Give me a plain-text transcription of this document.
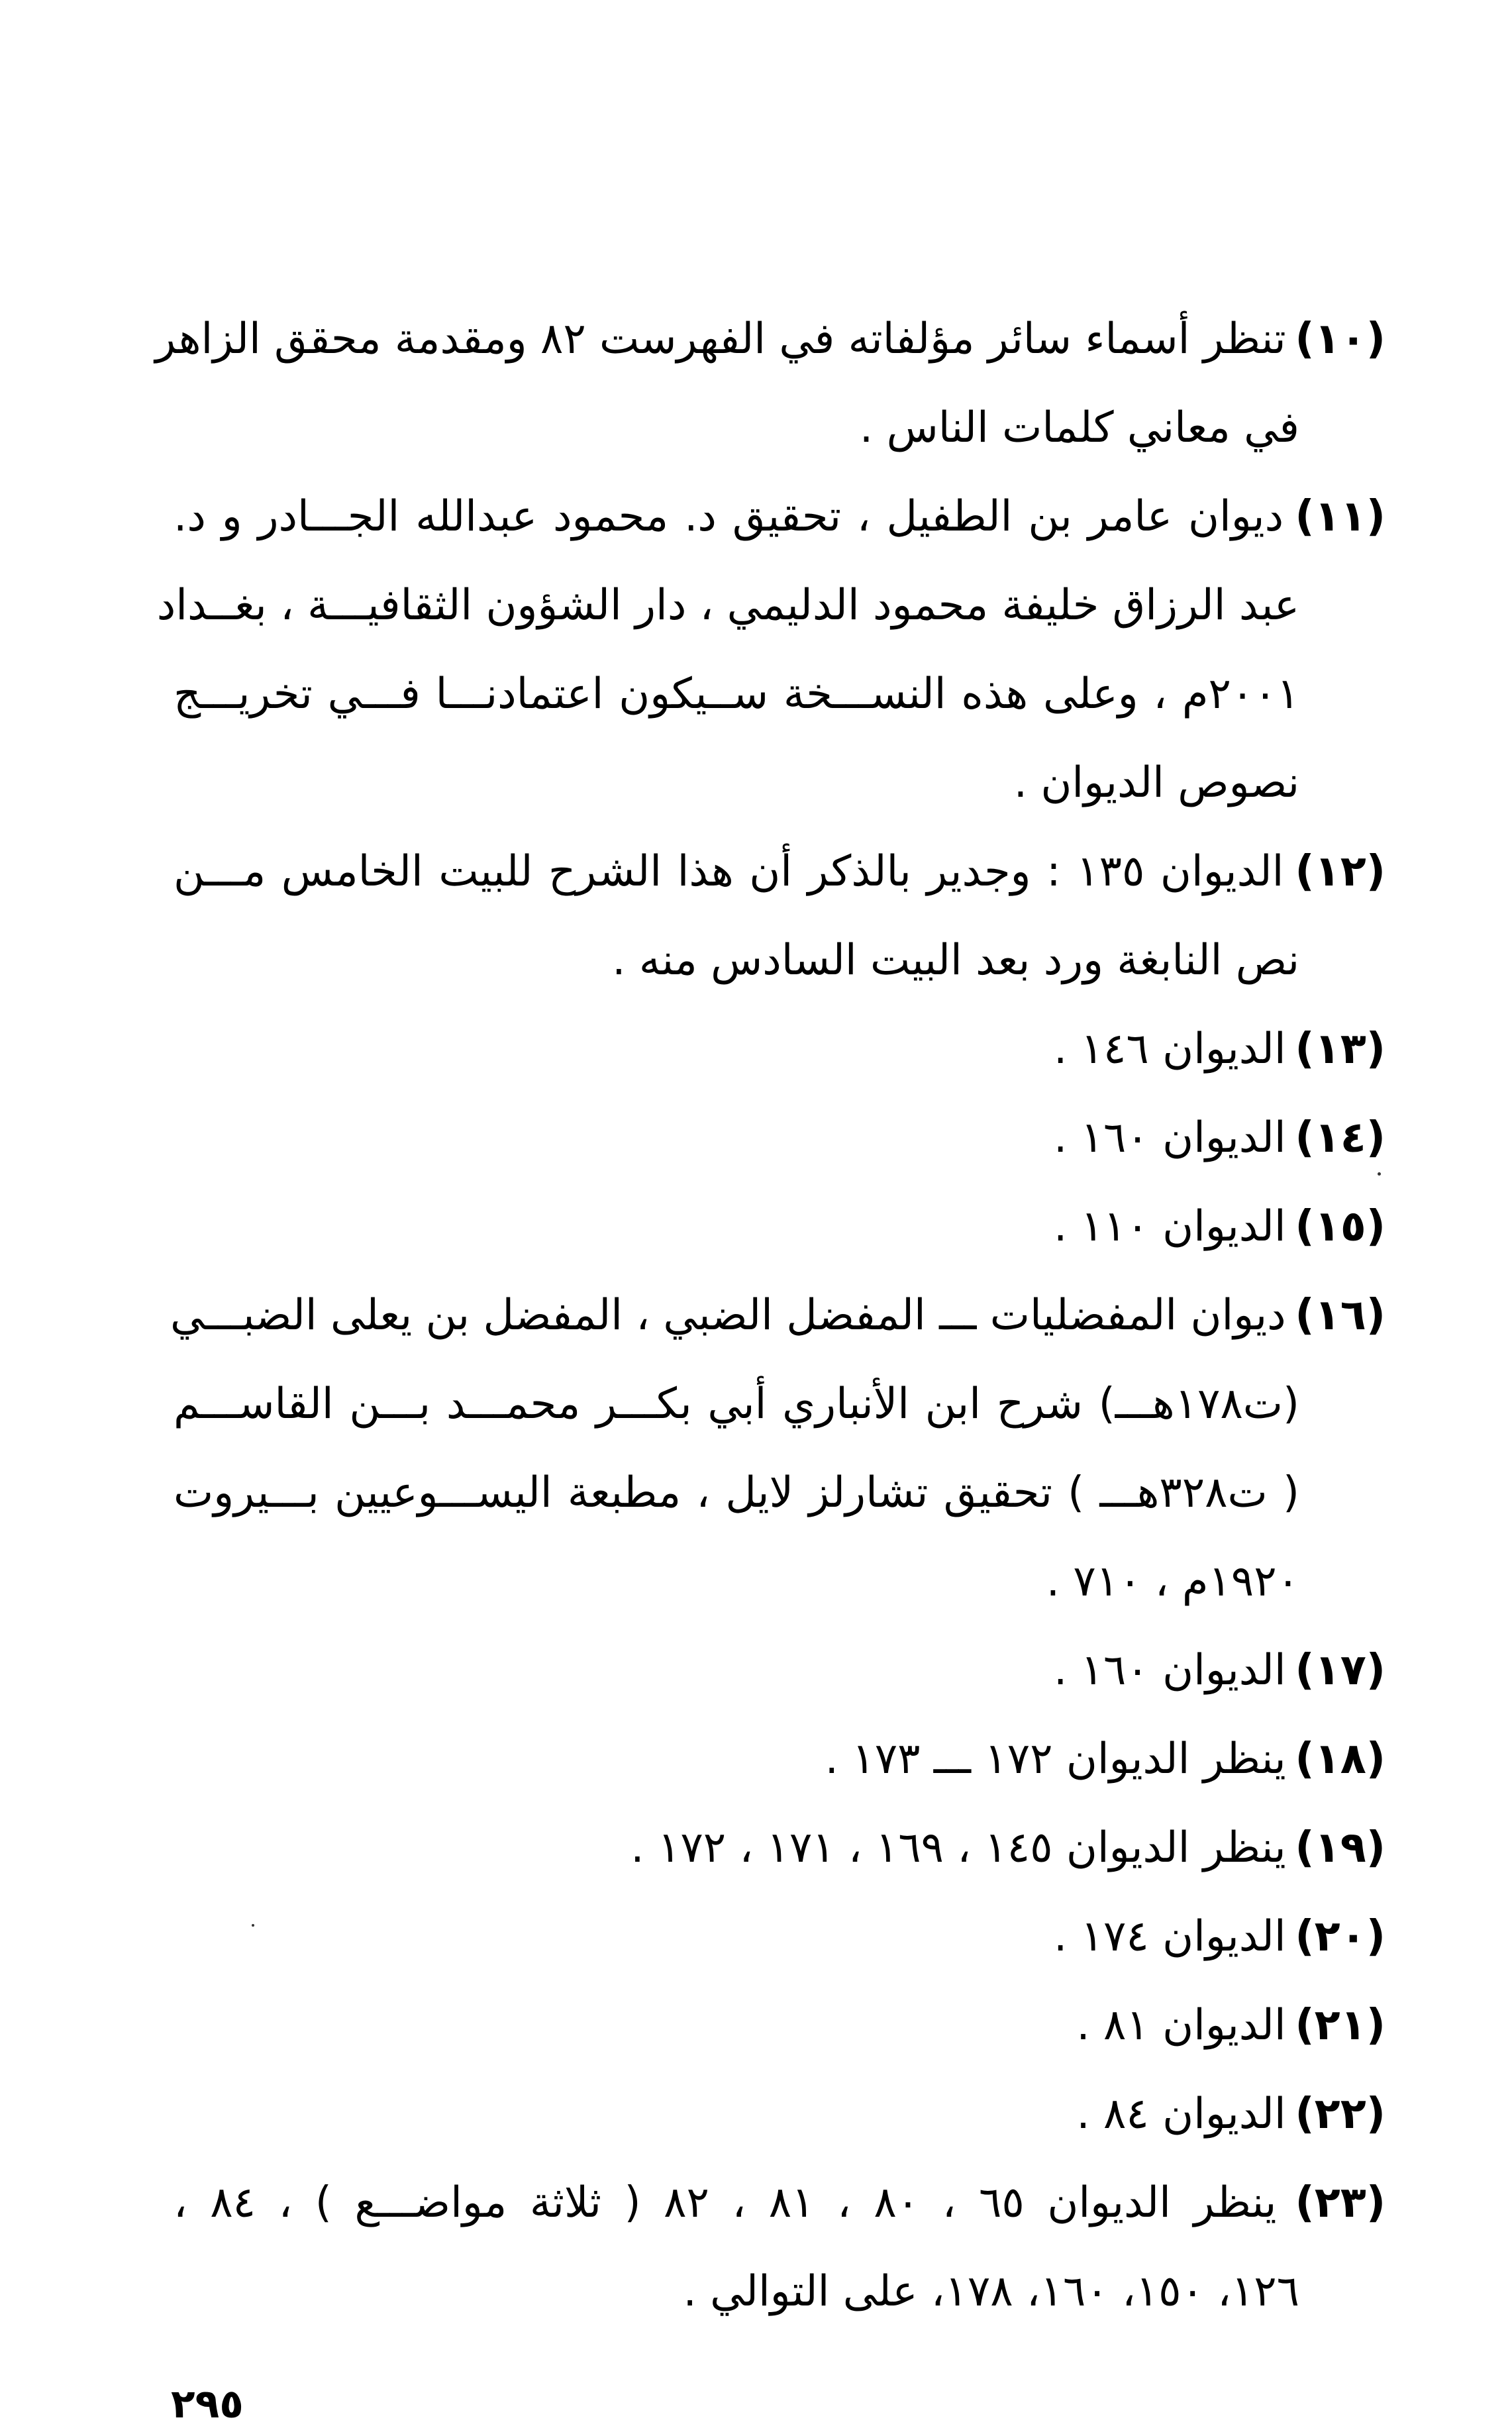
(١٠) تنظر أسماء سائر مؤلفاته في الفهرست ٨٢ ومقدمة محقق الزاهر
في معاني كلمات الناس .
(١١) ديوان عامر بن الطفيل ، تحقيق د. محمود عبدالله الجـــادر و د.
عبد الرزاق خليفة محمود الدليمي ، دار الشؤون الثقافيـــة ، بغــداد
٢٠٠١م ، وعلى هذه النســـخة ســيكون اعتمادنـــا فـــي تخريـــج
نصوص الديوان .
(١٢) الديوان ١٣٥ : وجدير بالذكر أن هذا الشرح للبيت الخامس مـــن
نص النابغة ورد بعد البيت السادس منه .
(١٣) الديوان ١٤٦ .
(١٤) الديوان ١٦٠ .
(١٥) الديوان ١١٠ .
(١٦) ديوان المفضليات ـــ المفضل الضبي ، المفضل بن يعلى الضبـــي
(ت١٧٨هـــ) شرح ابن الأنباري أبي بكـــر محمـــد بـــن القاســـم
( ت٣٢٨هـــ ) تحقيق تشارلز لايل ، مطبعة اليســـوعيين بـــيروت
١٩٢٠م ، ٧١٠ .
(١٧) الديوان ١٦٠ .
(١٨) ينظر الديوان ١٧٢ ـــ ١٧٣ .
(١٩) ينظر الديوان ١٤٥ ، ١٦٩ ، ١٧١ ، ١٧٢ .
(٢٠) الديوان ١٧٤ .
(٢١) الديوان ٨١ .
(٢٢) الديوان ٨٤ .
(٢٣) ينظر الديوان ٦٥ ، ٨٠ ، ٨١ ، ٨٢ ( ثلاثة مواضـــع ) ، ٨٤ ،
١٢٦، ١٥٠، ١٦٠، ١٧٨، على التوالي .
٢٩٥
